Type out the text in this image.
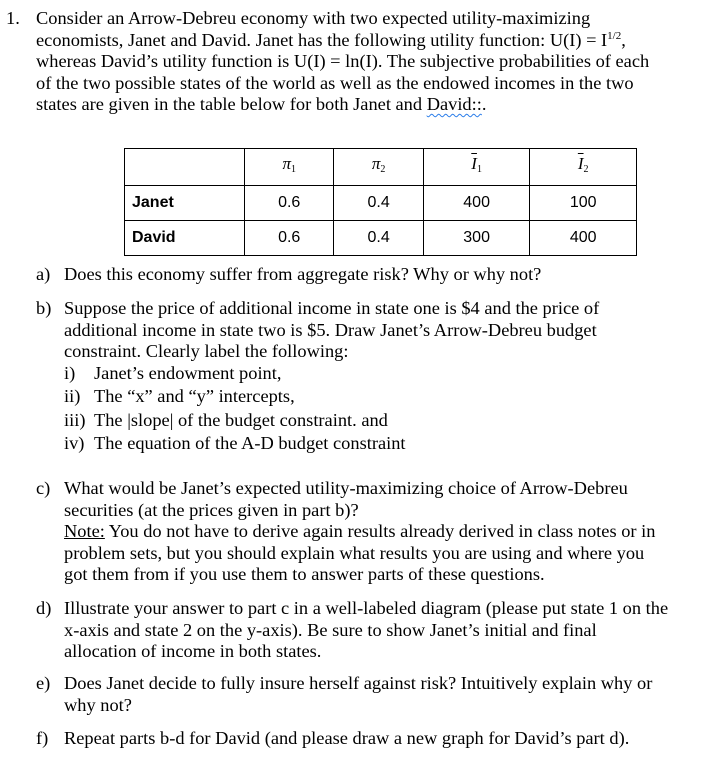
1. Consider an Arrow-Debreu economy with two expected utility-maximizing

economists, Janet and David. Janet has the following utility function: $U(I) = I^{1/2}$,

whereas David’s utility function is U(I) = ln(I). The subjective probabilities of each

of the two possible states of the world as well as the endowed incomes in the two

states are given in the table below for both Janet and David::.

	$\pi_1$	$\pi_2$	$\overline{I}_1$	$\overline{I}_2$
Janet	0.6	0.4	400	100
David	0.6	0.4	300	400
a) Does this economy suffer from aggregate risk? Why or why not?

b) Suppose the price of additional income in state one is $4 and the price of

additional income in state two is $5. Draw Janet’s Arrow-Debreu budget

constraint. Clearly label the following:

i) Janet’s endowment point,

ii) The “x” and “y” intercepts,

iii) The |slope| of the budget constraint. and

iv) The equation of the A-D budget constraint

c) What would be Janet’s expected utility-maximizing choice of Arrow-Debreu

securities (at the prices given in part b)?

Note: You do not have to derive again results already derived in class notes or in

problem sets, but you should explain what results you are using and where you

got them from if you use them to answer parts of these questions.

d) Illustrate your answer to part c in a well-labeled diagram (please put state 1 on the

x-axis and state 2 on the y-axis). Be sure to show Janet’s initial and final

allocation of income in both states.

e) Does Janet decide to fully insure herself against risk? Intuitively explain why or

why not?

f) Repeat parts b-d for David (and please draw a new graph for David’s part d).
